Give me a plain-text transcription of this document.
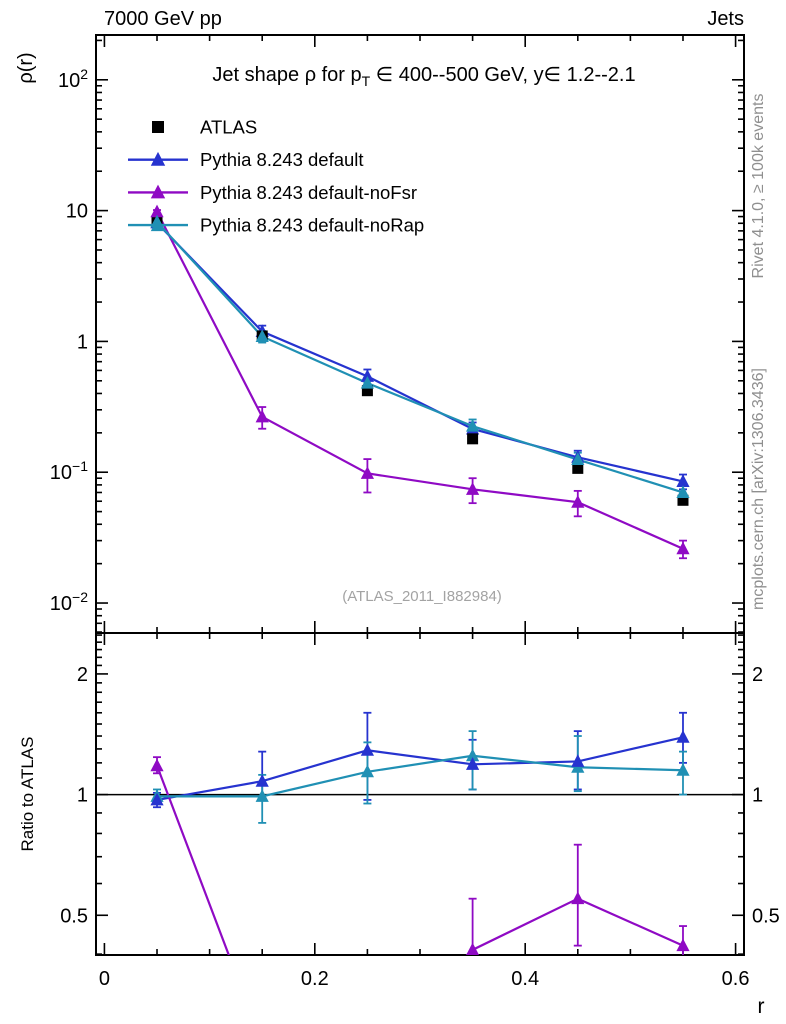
$10^2$
10
1
$10^{-1}$
$10^{-2}$
2	2
1	1
0.5	0.5
0	0.2	0.4	0.6
ATLAS
Pythia 8.243 default
Pythia 8.243 default-noFsr
Pythia 8.243 default-noRap
Jet shape ρ for $p_T$ ∈ 400--500 GeV, y∈ 1.2--2.1
7000 GeV pp	Jets
ρ(r)
Ratio to ATLAS
r
(ATLAS_2011_I882984)
Rivet 4.1.0, ≥ 100k events
mcplots.cern.ch [arXiv:1306.3436]
